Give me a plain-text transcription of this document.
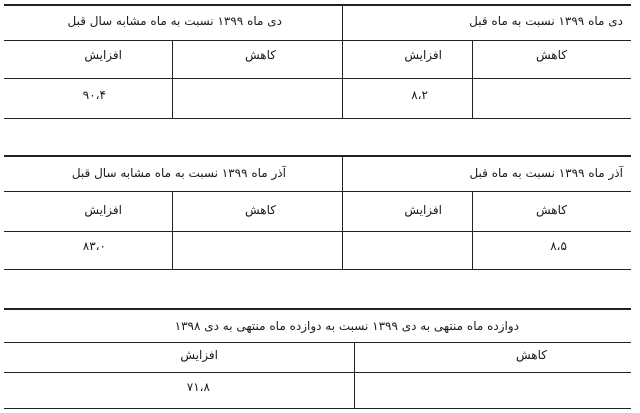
دی ماه ۱۳۹۹ نسبت به ماه قبل
دی ماه ۱۳۹۹ نسبت به ماه مشابه سال قبل
کاهش
افزایش
کاهش
افزایش
۸،۲
۹۰،۴
آذر ماه ۱۳۹۹ نسبت به ماه قبل
آذر ماه ۱۳۹۹ نسبت به ماه مشابه سال قبل
کاهش
افزایش
کاهش
افزایش
۸،۵
۸۳،۰
دوازده ماه منتهی به دی ۱۳۹۹ نسبت به دوازده ماه منتهی به دی ۱۳۹۸
کاهش
افزایش
۷۱،۸
